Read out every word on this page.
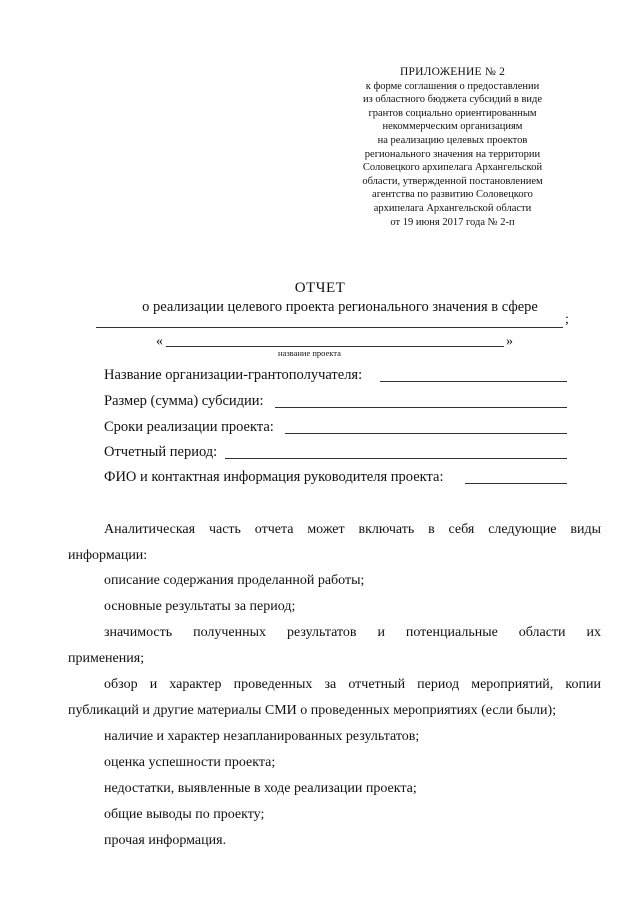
ПРИЛОЖЕНИЕ № 2
к форме соглашения о предоставлении
из областного бюджета субсидий в виде
грантов социально ориентированным
некоммерческим организациям
на реализацию целевых проектов
регионального значения на территории
Соловецкого архипелага Архангельской
области, утвержденной постановлением
агентства по развитию Соловецкого
архипелага Архангельской области
от 19 июня 2017 года № 2-п
ОТЧЕТ
о реализации целевого проекта регионального значения в сфере
;
«	»
название проекта
Название организации-грантополучателя:
Размер (сумма) субсидии:
Сроки реализации проекта:
Отчетный период:
ФИО и контактная информация руководителя проекта:
Аналитическая часть отчета может включать в себя следующие виды
информации:
описание содержания проделанной работы;
основные результаты за период;
значимость полученных результатов и потенциальные области их
применения;
обзор и характер проведенных за отчетный период мероприятий, копии
публикаций и другие материалы СМИ о проведенных мероприятиях (если были);
наличие и характер незапланированных результатов;
оценка успешности проекта;
недостатки, выявленные в ходе реализации проекта;
общие выводы по проекту;
прочая информация.
